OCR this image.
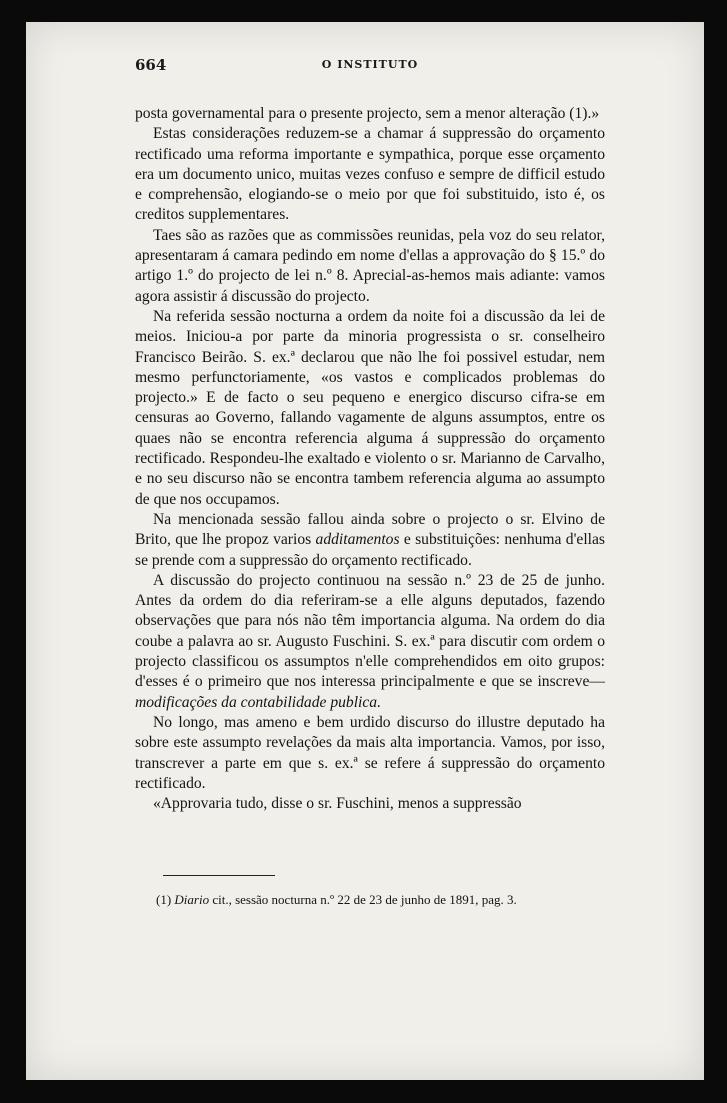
664	O INSTITUTO

posta governamental para o presente projecto, sem a menor alteração (1).»

Estas considerações reduzem-se a chamar á suppressão do orçamento rectificado uma reforma importante e sympathica, porque esse orçamento era um documento unico, muitas vezes confuso e sempre de difficil estudo e comprehensão, elogiando-se o meio por que foi substituido, isto é, os creditos supplementares.

Taes são as razões que as commissões reunidas, pela voz do seu relator, apresentaram á camara pedindo em nome d'ellas a approvação do § 15.º do artigo 1.º do projecto de lei n.º 8. Aprecial-as-hemos mais adiante: vamos agora assistir á discussão do projecto.

Na referida sessão nocturna a ordem da noite foi a discussão da lei de meios. Iniciou-a por parte da minoria progressista o sr. conselheiro Francisco Beirão. S. ex.ª declarou que não lhe foi possivel estudar, nem mesmo perfunctoriamente, «os vastos e complicados problemas do projecto.» E de facto o seu pequeno e energico discurso cifra-se em censuras ao Governo, fallando vagamente de alguns assumptos, entre os quaes não se encontra referencia alguma á suppressão do orçamento rectificado. Respondeu-lhe exaltado e violento o sr. Marianno de Carvalho, e no seu discurso não se encontra tambem referencia alguma ao assumpto de que nos occupamos.

Na mencionada sessão fallou ainda sobre o projecto o sr. Elvino de Brito, que lhe propoz varios additamentos e substituições: nenhuma d'ellas se prende com a suppressão do orçamento rectificado.

A discussão do projecto continuou na sessão n.º 23 de 25 de junho. Antes da ordem do dia referiram-se a elle alguns deputados, fazendo observações que para nós não têm importancia alguma. Na ordem do dia coube a palavra ao sr. Augusto Fuschini. S. ex.ª para discutir com ordem o projecto classificou os assumptos n'elle comprehendidos em oito grupos: d'esses é o primeiro que nos interessa principalmente e que se inscreve—modificações da contabilidade publica.

No longo, mas ameno e bem urdido discurso do illustre deputado ha sobre este assumpto revelações da mais alta importancia. Vamos, por isso, transcrever a parte em que s. ex.ª se refere á suppressão do orçamento rectificado.

«Approvaria tudo, disse o sr. Fuschini, menos a suppressão

(1) Diario cit., sessão nocturna n.º 22 de 23 de junho de 1891, pag. 3.
